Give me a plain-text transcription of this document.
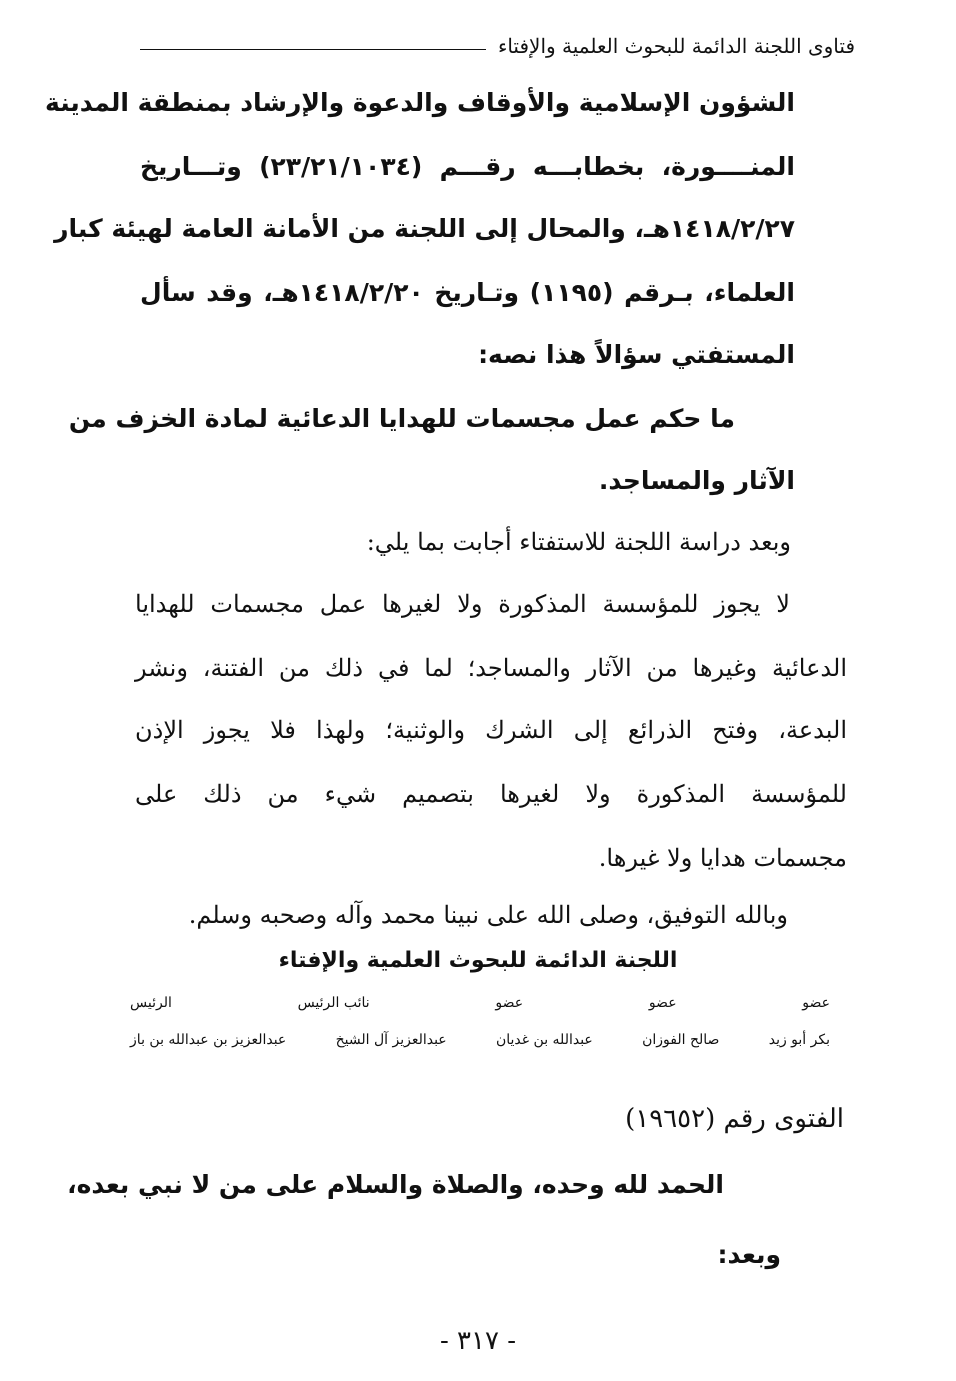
فتاوى اللجنة الدائمة للبحوث العلمية والإفتاء
الشؤون الإسلامية والأوقاف والدعوة والإرشاد بمنطقة المدينة
المنــــورة، بخطابـــه رقـــم (٢٣/٢١/١٠٣٤) وتـــاريخ
١٤١٨/٢/٢٧هـ، والمحال إلى اللجنة من الأمانة العامة لهيئة كبار
العلماء، بـرقم (١١٩٥) وتـاريخ ١٤١٨/٢/٢٠هـ، وقد سأل
المستفتي سؤالاً هذا نصه:
ما حكم عمل مجسمات للهدايا الدعائية لمادة الخزف من
الآثار والمساجد.
وبعد دراسة اللجنة للاستفتاء أجابت بما يلي:
لا يجوز للمؤسسة المذكورة ولا لغيرها عمل مجسمات للهدايا
الدعائية وغيرها من الآثار والمساجد؛ لما في ذلك من الفتنة، ونشر
البدعة، وفتح الذرائع إلى الشرك والوثنية؛ ولهذا فلا يجوز الإذن
للمؤسسة المذكورة ولا لغيرها بتصميم شيء من ذلك على
مجسمات هدايا ولا غيرها.
وبالله التوفيق، وصلى الله على نبينا محمد وآله وصحبه وسلم.
اللجنة الدائمة للبحوث العلمية والإفتاء
عضو
عضو
عضو
نائب الرئيس
الرئيس
بكر أبو زيد
صالح الفوزان
عبدالله بن غديان
عبدالعزيز آل الشيخ
عبدالعزيز بن عبدالله بن باز
الفتوى رقم (١٩٦٥٢)
الحمد لله وحده، والصلاة والسلام على من لا نبي بعده،
وبعد:
- ٣١٧ -
